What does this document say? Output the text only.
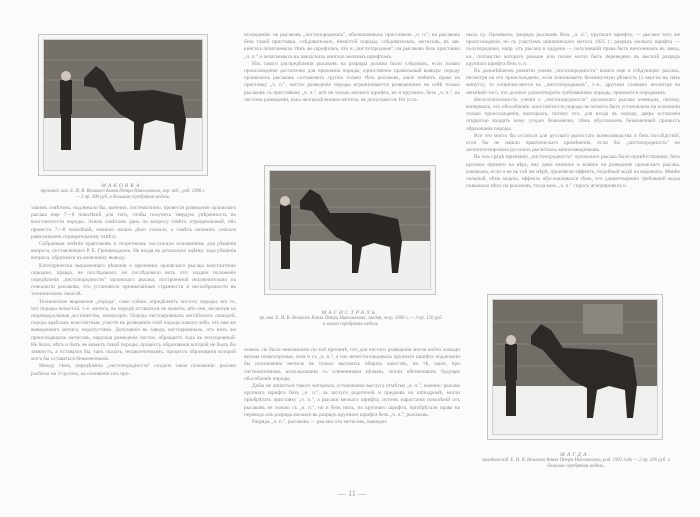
МАКОВКА.
производ. кав. Е. И. В. Великаго Князя Петра Николаевича, вор. коб., род. 1908 г. — 2 пр. 300 руб. и большая серебряная медаль.

такимъ совѣтомъ; надлежало бы, конечно, систематично, провести разведеніе орловскаго рысака еще 7—8 поколѣній для того, чтобы получить твердую увѣренность въ константности породы. Этимъ совѣтомъ данъ по вопросу отвѣтъ отрицательный, ибо провести 7—8 поколѣній, значило начать дѣло сначала, а совѣтъ начинать сначала равнозначенъ отрицательному отвѣту.

Собранныя мнѣнія практиковъ и теоретиковъ послужили основаніемъ для рѣшенія вопроса, поставленнаго Р. Е. Гринвальдомъ. Не входя въ детальную оцѣнку хода рѣшенія вопроса, обратимся къ конечному выводу.

Категорически выраженнаго рѣшенія о признаніи орловскаго рысака константною породою, правда, не послѣдовало, но послѣдовало вотъ что: издано положеніе опредѣленія „чистопородности" орловскаго рысака, построенной исключительно на генеалогіи рысаковъ, что установило чрезвычайныя странности и несообразности въ техническомъ смыслѣ.

Техническое выраженіе „порода", само собою, опредѣляетъ чистоту породы; все то, что породы нечистой, т.-е. метисъ, въ породѣ оставаться не можетъ, ибо оно, несмотря на индивидуальныя достоинства, непородно. Порода чистокровныхъ англійскихъ лошадей, порода арабская, константныя; участіе въ разведеніи этой породы какого-либо, отъ нея же выведеннаго метиса, недопустимо. Допущеніе въ заводъ чистокровныхъ, отъ нихъ же происходящихъ метисовъ, нарушая разведеніе чистое, обращаетъ ходъ въ полукровный. Не было, нѣтъ и быть не можетъ такой породы, процессъ образованія которой не былъ бы замкнутъ, а оставался бы, такъ сказать, незаконченнымъ, процессъ образованія которой могъ бы оставаться безконечнымъ.

Между тѣмъ, опредѣленіе „чистопородности" создало такое положеніе: рысаки разбиты на 3 группы, на основаніи ихъ про-

исхожденія: на рысаковъ „чистопородныхъ", обозначаемыхъ приставкою „ч. п."; на рысаковъ безъ такой приставки, слѣдовательно, нечистой породы, слѣдовательно, метисовъ, въ зав. книгахъ печатаемыхъ тѣмъ же шрифтомъ, что и „чистопородные"; на рысаковъ безъ приставки „ч. п." и печатаемыхъ въ заводскихъ книгахъ мелкимъ шрифтомъ.

Изъ такого распредѣленія рысаковъ на разряды должно было слѣдовать, если только происхожденіе достаточно для признанія породы, единственно правильный выводъ: породу орловскихъ рысаковъ составляетъ группа только тѣхъ рысаковъ, какіе имѣютъ право на приставку „ч. п.", чистое разведеніе породы ограничивается разведеніемъ въ себѣ только рысаковъ съ приставкою „ч. п.", всѣ не только мелкаго шрифта, но и крупнаго, безъ „ч. п.", въ чистомъ разведеніи, какъ неопредѣленные метисы, не допускаются. Но уста-

МАГИСТРАЛЬ.
пр. кав. Е. И. В. Великаго Князя Петра Николаевича, гнедая, жер. 1908 г. — 3 пр. 150 руб. и малая серебряная медаль.

новить сіе было невозможно по той причинѣ, что для чистаго разведенія могли войти лошади весьма низкосортныя, хотя и съ „ч. п.", а изъ нечистопородныхъ крупнаго шрифта подлежали бы исключенію метисы не только высокихъ общихъ качествъ, но тѣ, какіе, при систематичномъ использованіи съ племенными цѣлями, могли обезпечивать будущее обособленіе породы.

Дабы не лишиться такого матеріала, установлена выслуга отмѣтки „ч. п.", именно: рысаки крупнаго шрифта безъ „ч. п.", за заслуги родителей и предковъ на ипподромѣ, могли пріобрѣтать приставку „ч. п.", а рысаки мелкаго шрифта, путемъ нарастанія поколѣній отъ рысаковъ не только съ „ч. п.", но и безъ нихъ, но крупнаго шрифта, пріобрѣтали права на переводъ изъ разряда мелкаго въ разрядъ крупнаго шрифта безъ „ч. п.", рысаковъ.

Разрядъ „ч. п.", рысаковъ — рысаки отъ метисовъ, выведен-

ныхъ гр. Орловымъ; разрядъ рысаковъ безъ „ч. п.", крупнаго шрифта, — рысаки того же происхожденія, но съ участіемъ шишкинскаго метиса 1825 г.; разрядъ мелкаго шрифта — полупородные, напр. отъ рысака и арддена — получившій права быть внесеннымъ въ завод. кн., потомство котораго раньше или позже могло быть переведено въ высшій разрядъ крупнаго шрифта безъ ч. п.

Въ дальнѣйшемъ развитіи ученія „чистопородности" вошло еще и слѣдующее: рысакъ, несмотря на его происхожденіе, если показываетъ безминутную рѣзвость (3 версты въ пять минутъ), то сопричисляется къ „чистопороднымъ", т.-е., другими словами: несмотря на неимѣніе того, что должно удовлетворить требованіямъ породы, признается породнымъ.

Несостоятельность ученія о „чистопородности" орловскаго рысака очевидна, потому, вопервыхъ, что обособленіе, константность породы не можетъ быть установлена на основаніи только происхожденія, вовторыхъ, потому что, для входа въ породу, дверь оставлена открытою входить кому угодно безконечно, чѣмъ обусловленъ безконечный процессъ образованія породы.

Все это могло бы остаться для русскаго рысистаго коннозаводства и безъ послѣдствій, если бы не нашло практическаго примѣненія, если бы „чистопородность" не загипнотизировала русскихъ рысистыхъ коннозаводчиковъ.

Въ ихъ средѣ признаніе „чистопородности" орловскаго рысака было привѣтствовано, безъ критики принято на вѣру, ему дано значеніе и вліяніе на разведеніе орловскаго рысака, каковымъ, если и не въ той же мѣрѣ, произвели эффектъ, подобный модѣ на вороныхъ. Менѣе сильный, чѣмъ модою, эффектъ обусловливался тѣмъ, что удовлетвореніе требованій моды повышало цѣну на рысаковъ, тогда какъ „ч. п." спросъ игнорировалъ и

МАГДА.
заводная коб. Е. И. В. Великаго Князя Петра Николаевича, род. 1902 года — 2 пр. 200 руб. и большая серебряная медаль.
— 11 —
